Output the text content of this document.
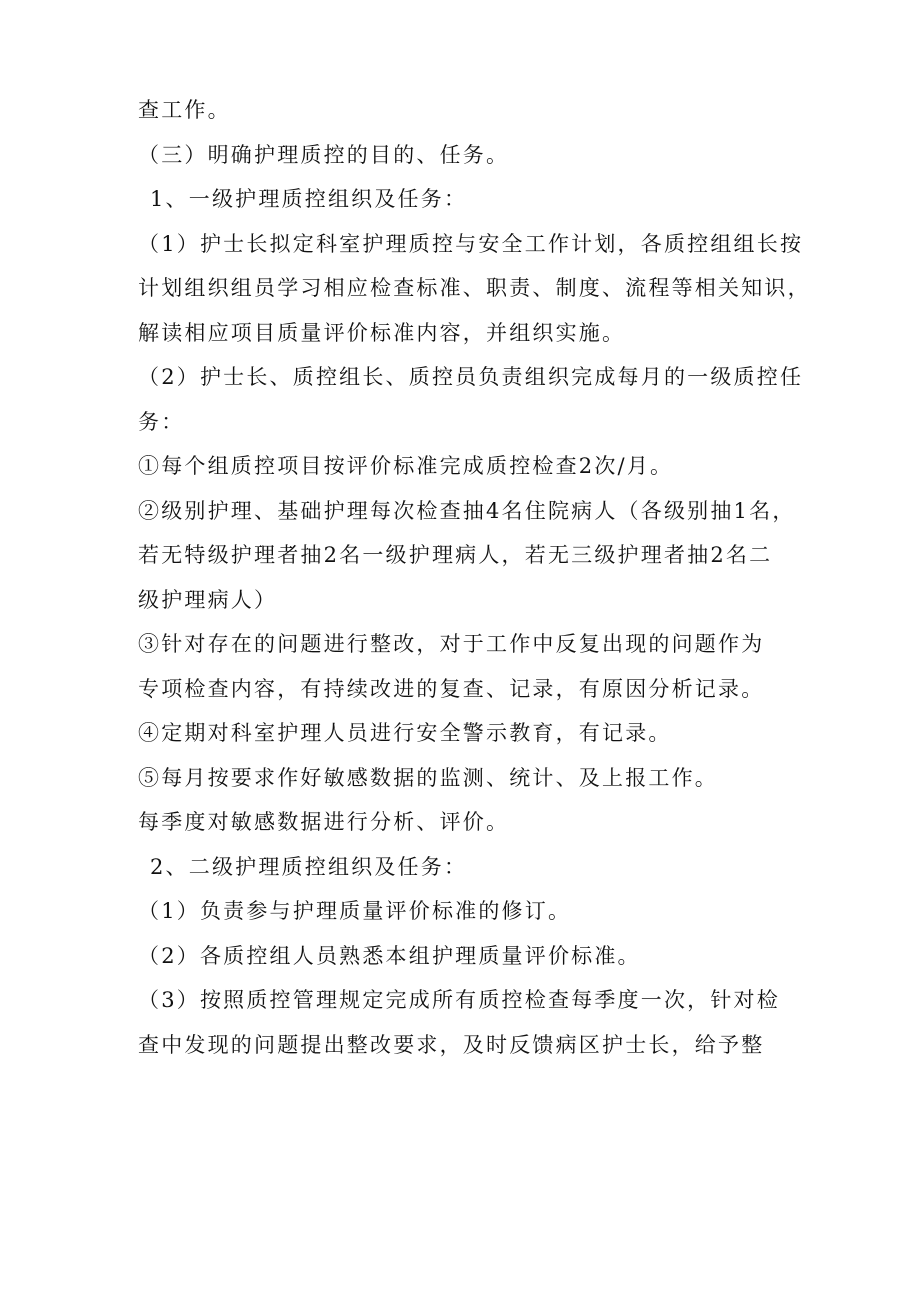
查工作。
（三）明确护理质控的目的、任务。
1、一级护理质控组织及任务：
（1）护士长拟定科室护理质控与安全工作计划，各质控组组长按
计划组织组员学习相应检查标准、职责、制度、流程等相关知识，
解读相应项目质量评价标准内容，并组织实施。
（2）护士长、质控组长、质控员负责组织完成每月的一级质控任
务：
①每个组质控项目按评价标准完成质控检查2次/月。
②级别护理、基础护理每次检查抽4名住院病人（各级别抽1名，
若无特级护理者抽2名一级护理病人，若无三级护理者抽2名二
级护理病人）
③针对存在的问题进行整改，对于工作中反复出现的问题作为
专项检查内容，有持续改进的复查、记录，有原因分析记录。
④定期对科室护理人员进行安全警示教育，有记录。
⑤每月按要求作好敏感数据的监测、统计、及上报工作。
每季度对敏感数据进行分析、评价。
2、二级护理质控组织及任务：
（1）负责参与护理质量评价标准的修订。
（2）各质控组人员熟悉本组护理质量评价标准。
（3）按照质控管理规定完成所有质控检查每季度一次，针对检
查中发现的问题提出整改要求，及时反馈病区护士长，给予整
